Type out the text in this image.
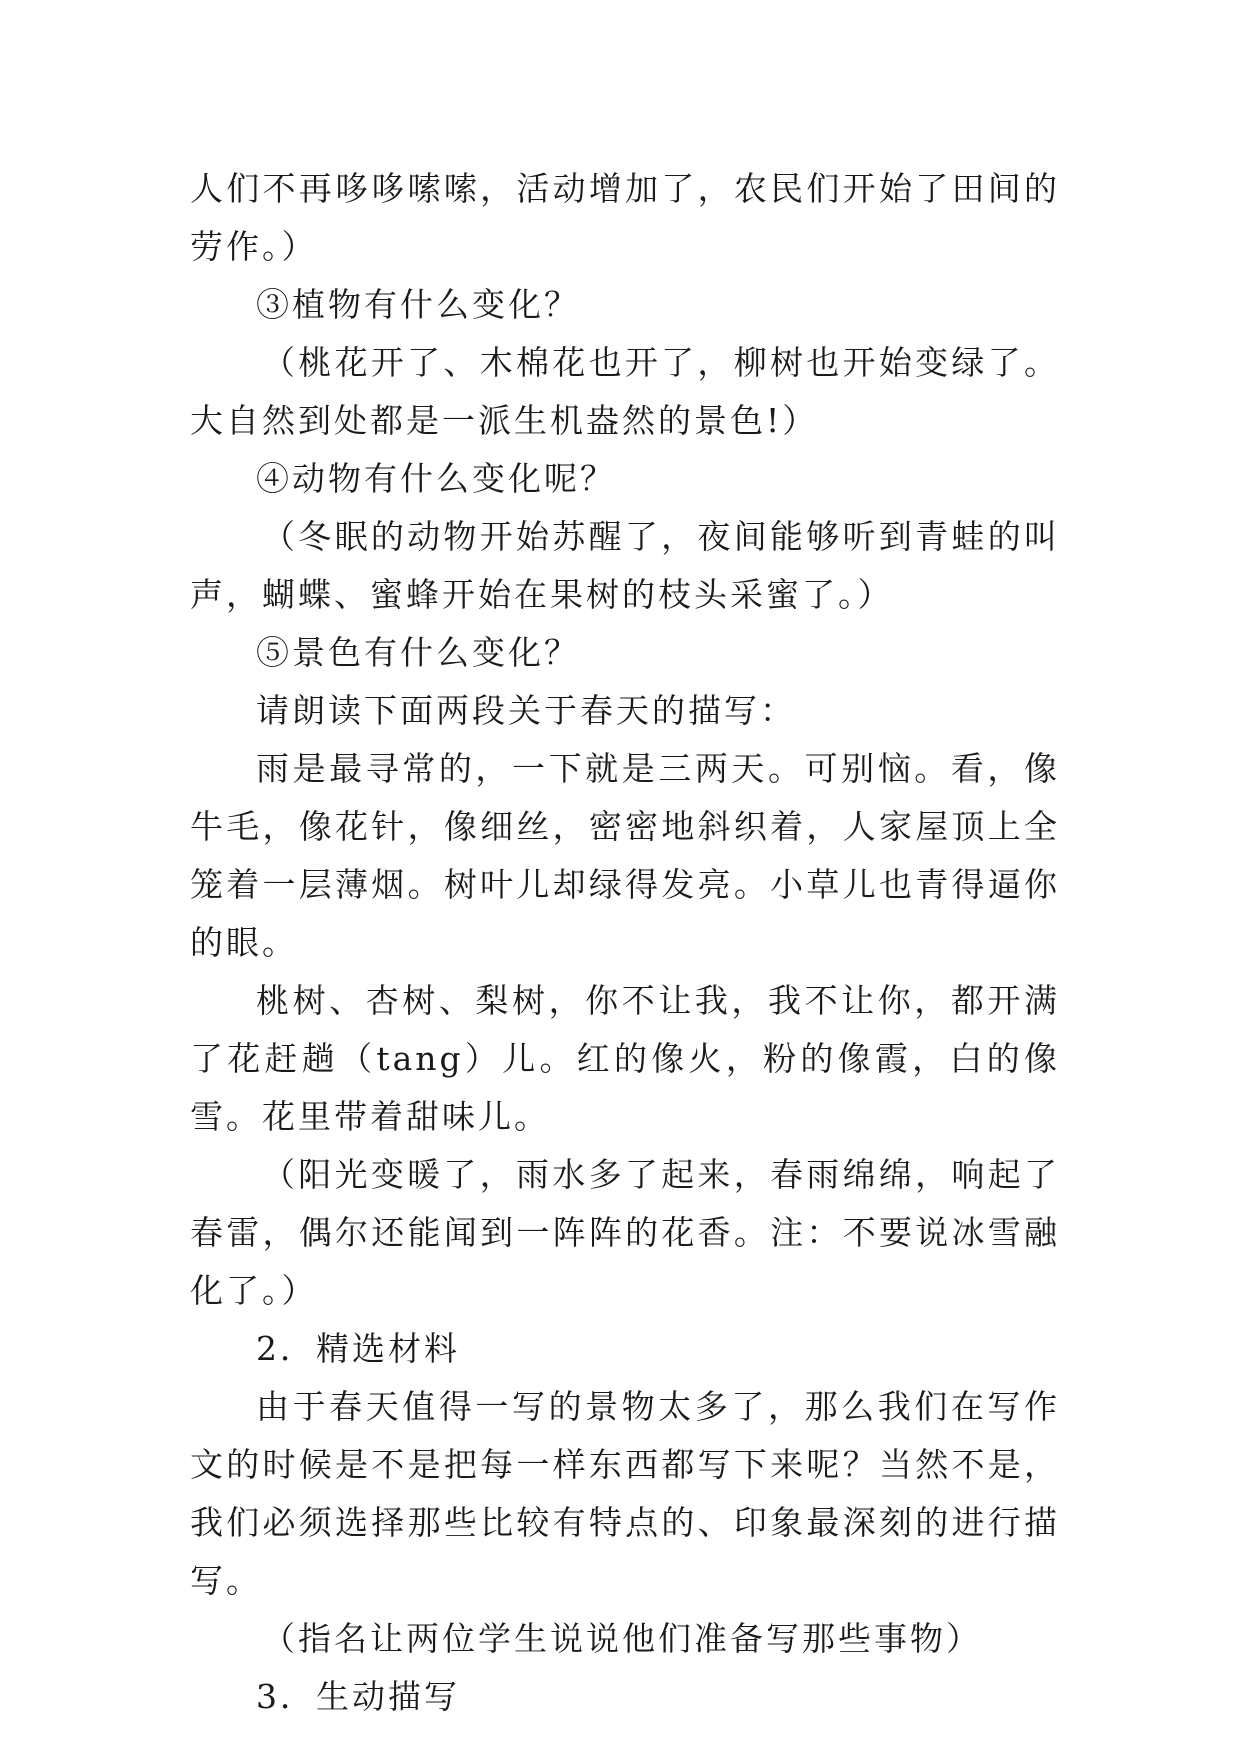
人们不再哆哆嗦嗦，活动增加了，农民们开始了田间的劳作。）

③植物有什么变化？

（桃花开了、木棉花也开了，柳树也开始变绿了。大自然到处都是一派生机盎然的景色!）

④动物有什么变化呢？

（冬眠的动物开始苏醒了，夜间能够听到青蛙的叫声，蝴蝶、蜜蜂开始在果树的枝头采蜜了。）

⑤景色有什么变化？

请朗读下面两段关于春天的描写：

雨是最寻常的，一下就是三两天。可别恼。看，像牛毛，像花针，像细丝，密密地斜织着，人家屋顶上全笼着一层薄烟。树叶儿却绿得发亮。小草儿也青得逼你的眼。

桃树、杏树、梨树，你不让我，我不让你，都开满了花赶趟（tang）儿。红的像火，粉的像霞，白的像雪。花里带着甜味儿。

（阳光变暖了，雨水多了起来，春雨绵绵，响起了春雷，偶尔还能闻到一阵阵的花香。注：不要说冰雪融化了。）

2．精选材料

由于春天值得一写的景物太多了，那么我们在写作文的时候是不是把每一样东西都写下来呢？当然不是，我们必须选择那些比较有特点的、印象最深刻的进行描写。

（指名让两位学生说说他们准备写那些事物）

3．生动描写
